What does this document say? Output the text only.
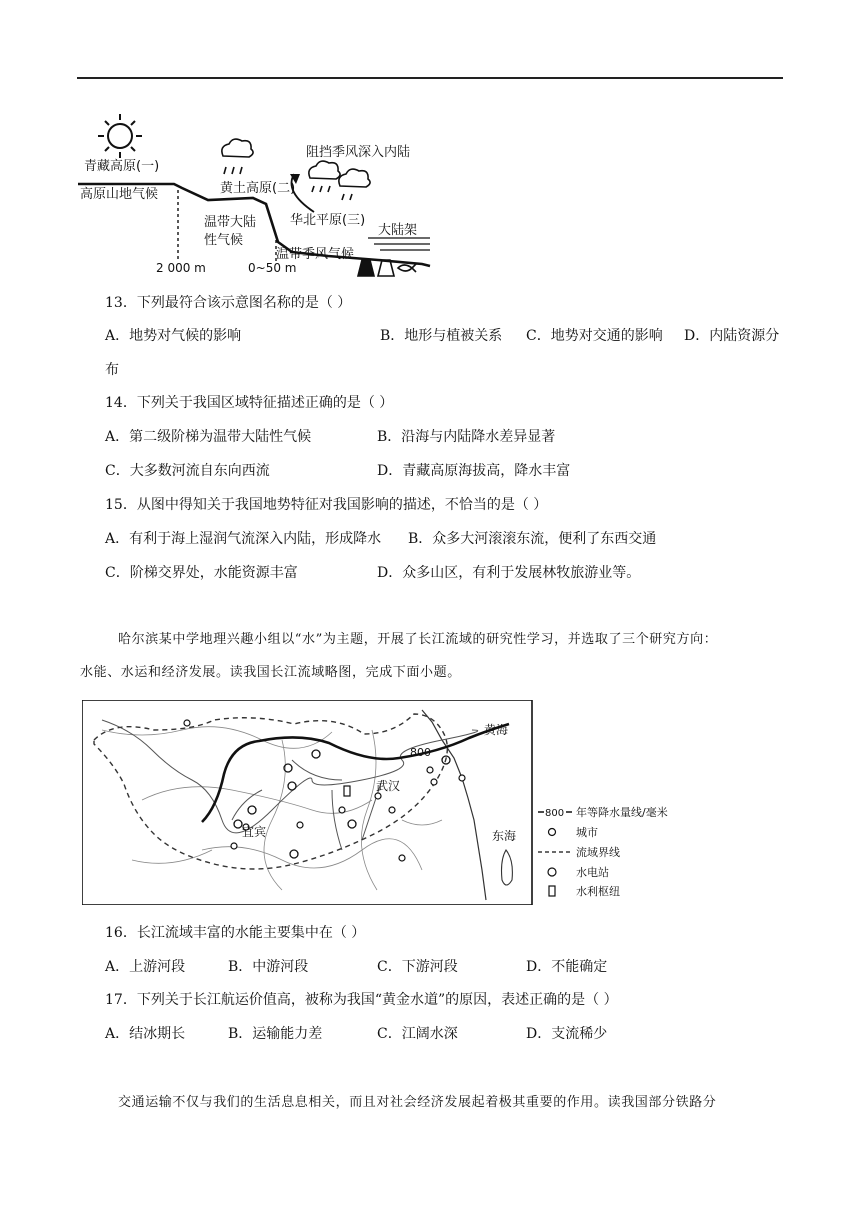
青藏高原(一)
高原山地气候	黄土高原(二)
温带大陆
性气候
阻挡季风深入内陆
华北平原(三)
大陆架
温带季风气候
2 000 m	0~50 m
13．下列最符合该示意图名称的是（ ）
A．地势对气候的影响	B．地形与植被关系 C．地势对交通的影响 D．内陆资源分
布
14．下列关于我国区域特征描述正确的是（ ）
A．第二级阶梯为温带大陆性气候	B．沿海与内陆降水差异显著
C．大多数河流自东向西流	D．青藏高原海拔高，降水丰富
15．从图中得知关于我国地势特征对我国影响的描述，不恰当的是（ ）
A．有利于海上湿润气流深入内陆，形成降水 B．众多大河滚滚东流，便利了东西交通
C．阶梯交界处，水能资源丰富	D．众多山区，有利于发展林牧旅游业等。
哈尔滨某中学地理兴趣小组以“水”为主题，开展了长江流域的研究性学习，并选取了三个研究方向：
水能、水运和经济发展。读我国长江流域略图，完成下面小题。
黄海
东海
武汉
宜宾
800
800 年等降水量线/毫米
城市
流域界线
水电站
水利枢纽
16．长江流域丰富的水能主要集中在（ ）
A．上游河段	B．中游河段	C．下游河段	D．不能确定
17．下列关于长江航运价值高，被称为我国“黄金水道”的原因，表述正确的是（ ）
A．结冰期长	B．运输能力差	C．江阔水深	D．支流稀少
交通运输不仅与我们的生活息息相关，而且对社会经济发展起着极其重要的作用。读我国部分铁路分
